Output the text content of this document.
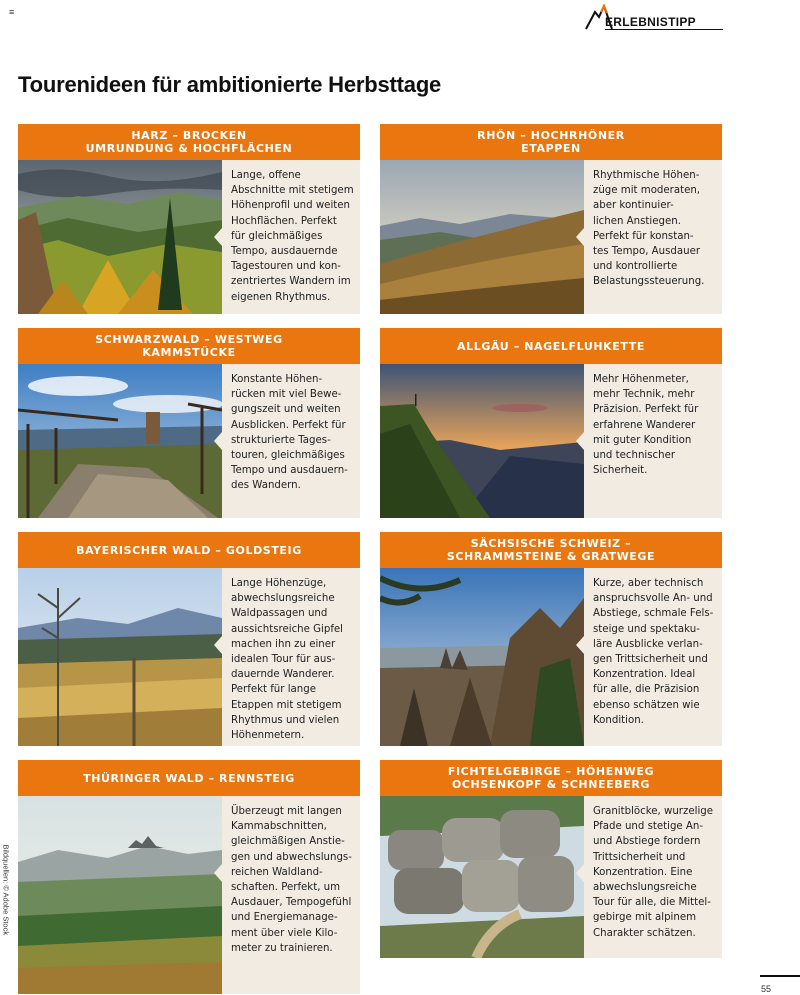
≡
ERLEBNISTIPP
Tourenideen für ambitionierte Herbsttage
HARZ – BROCKEN
UMRUNDUNG & HOCHFLÄCHEN
Lange, offene
Abschnitte mit stetigem
Höhenprofil und weiten
Hochflächen. Perfekt
für gleichmäßiges
Tempo, ausdauernde
Tagestouren und kon-
zentriertes Wandern im
eigenen Rhythmus.
RHÖN – HOCHRHÖNER
ETAPPEN
Rhythmische Höhen-
züge mit moderaten,
aber kontinuier-
lichen Anstiegen.
Perfekt für konstan-
tes Tempo, Ausdauer
und kontrollierte
Belastungssteuerung.
SCHWARZWALD – WESTWEG
KAMMSTÜCKE
Konstante Höhen-
rücken mit viel Bewe-
gungszeit und weiten
Ausblicken. Perfekt für
strukturierte Tages-
touren, gleichmäßiges
Tempo und ausdauern-
des Wandern.
ALLGÄU – NAGELFLUHKETTE
Mehr Höhenmeter,
mehr Technik, mehr
Präzision. Perfekt für
erfahrene Wanderer
mit guter Kondition
und technischer
Sicherheit.
BAYERISCHER WALD – GOLDSTEIG
Lange Höhenzüge,
abwechslungsreiche
Waldpassagen und
aussichtsreiche Gipfel
machen ihn zu einer
idealen Tour für aus-
dauernde Wanderer.
Perfekt für lange
Etappen mit stetigem
Rhythmus und vielen
Höhenmetern.
SÄCHSISCHE SCHWEIZ –
SCHRAMMSTEINE & GRATWEGE
Kurze, aber technisch
anspruchsvolle An- und
Abstiege, schmale Fels-
steige und spektaku-
läre Ausblicke verlan-
gen Trittsicherheit und
Konzentration. Ideal
für alle, die Präzision
ebenso schätzen wie
Kondition.
THÜRINGER WALD – RENNSTEIG
Überzeugt mit langen
Kammabschnitten,
gleichmäßigen Anstie-
gen und abwechslungs-
reichen Waldland-
schaften. Perfekt, um
Ausdauer, Tempogefühl
und Energiemanage-
ment über viele Kilo-
meter zu trainieren.
FICHTELGEBIRGE – HÖHENWEG
OCHSENKOPF & SCHNEEBERG
Granitblöcke, wurzelige
Pfade und stetige An-
und Abstiege fordern
Trittsicherheit und
Konzentration. Eine
abwechslungsreiche
Tour für alle, die Mittel-
gebirge mit alpinem
Charakter schätzen.
Bildquellen: © Adobe Stock
55
